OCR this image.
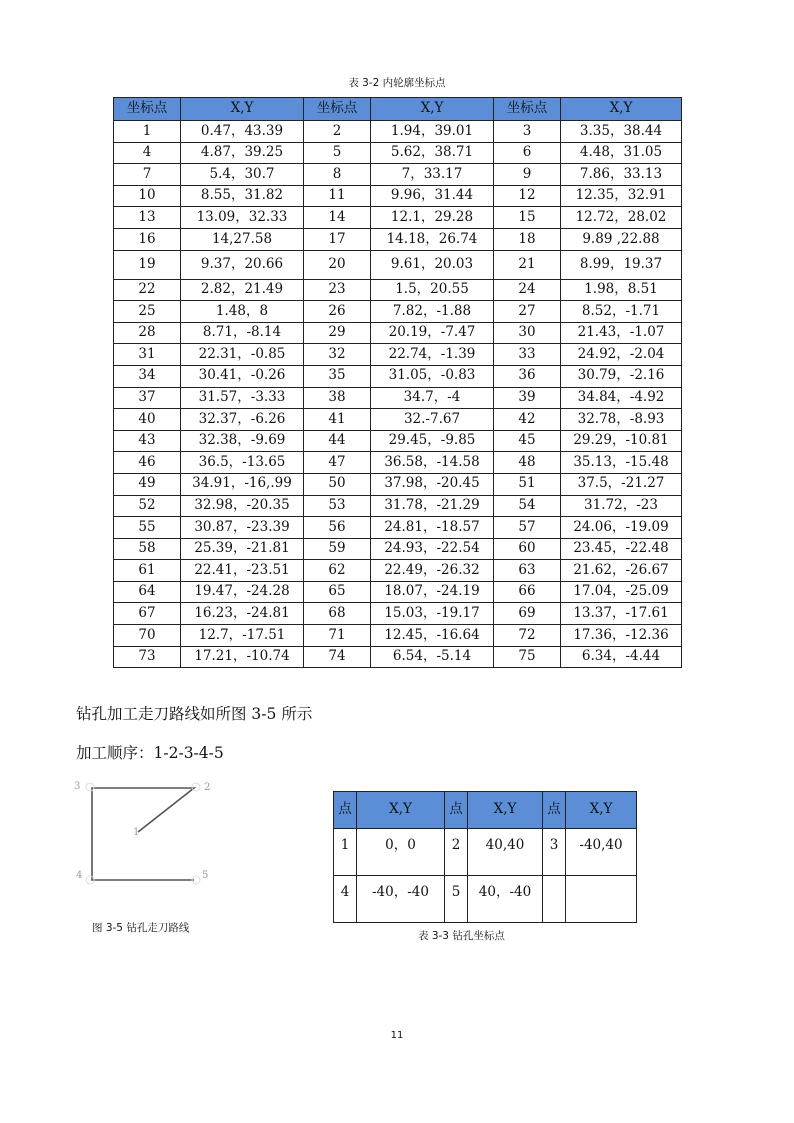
表 3-2 内轮廓坐标点
坐标点	X,Y	坐标点	X,Y	坐标点	X,Y
1	0.47，43.39	2	1.94，39.01	3	3.35，38.44
4	4.87，39.25	5	5.62，38.71	6	4.48，31.05
7	5.4，30.7	8	7，33.17	9	7.86，33.13
10	8.55，31.82	11	9.96，31.44	12	12.35，32.91
13	13.09，32.33	14	12.1，29.28	15	12.72，28.02
16	14,27.58	17	14.18，26.74	18	9.89 ,22.88
19	9.37，20.66	20	9.61，20.03	21	8.99，19.37
22	2.82，21.49	23	1.5，20.55	24	1.98，8.51
25	1.48，8	26	7.82，-1.88	27	8.52，-1.71
28	8.71，-8.14	29	20.19，-7.47	30	21.43，-1.07
31	22.31，-0.85	32	22.74，-1.39	33	24.92，-2.04
34	30.41，-0.26	35	31.05，-0.83	36	30.79，-2.16
37	31.57，-3.33	38	34.7，-4	39	34.84，-4.92
40	32.37，-6.26	41	32.-7.67	42	32.78，-8.93
43	32.38，-9.69	44	29.45，-9.85	45	29.29，-10.81
46	36.5，-13.65	47	36.58，-14.58	48	35.13，-15.48
49	34.91，-16,.99	50	37.98，-20.45	51	37.5，-21.27
52	32.98，-20.35	53	31.78，-21.29	54	31.72，-23
55	30.87，-23.39	56	24.81，-18.57	57	24.06，-19.09
58	25.39，-21.81	59	24.93，-22.54	60	23.45，-22.48
61	22.41，-23.51	62	22.49，-26.32	63	21.62，-26.67
64	19.47，-24.28	65	18.07，-24.19	66	17.04，-25.09
67	16.23，-24.81	68	15.03，-19.17	69	13.37，-17.61
70	12.7，-17.51	71	12.45，-16.64	72	17.36，-12.36
73	17.21，-10.74	74	6.54，-5.14	75	6.34，-4.44
钻孔加工走刀路线如所图 3-5 所示
加工顺序：1-2-3-4-5
1
2
3
4	5
图 3-5 钻孔走刀路线
点	X,Y	点	X,Y	点	X,Y
1	0，0	2	40,40	3	-40,40
4	-40，-40	5	40，-40		
表 3-3 钻孔坐标点
11
